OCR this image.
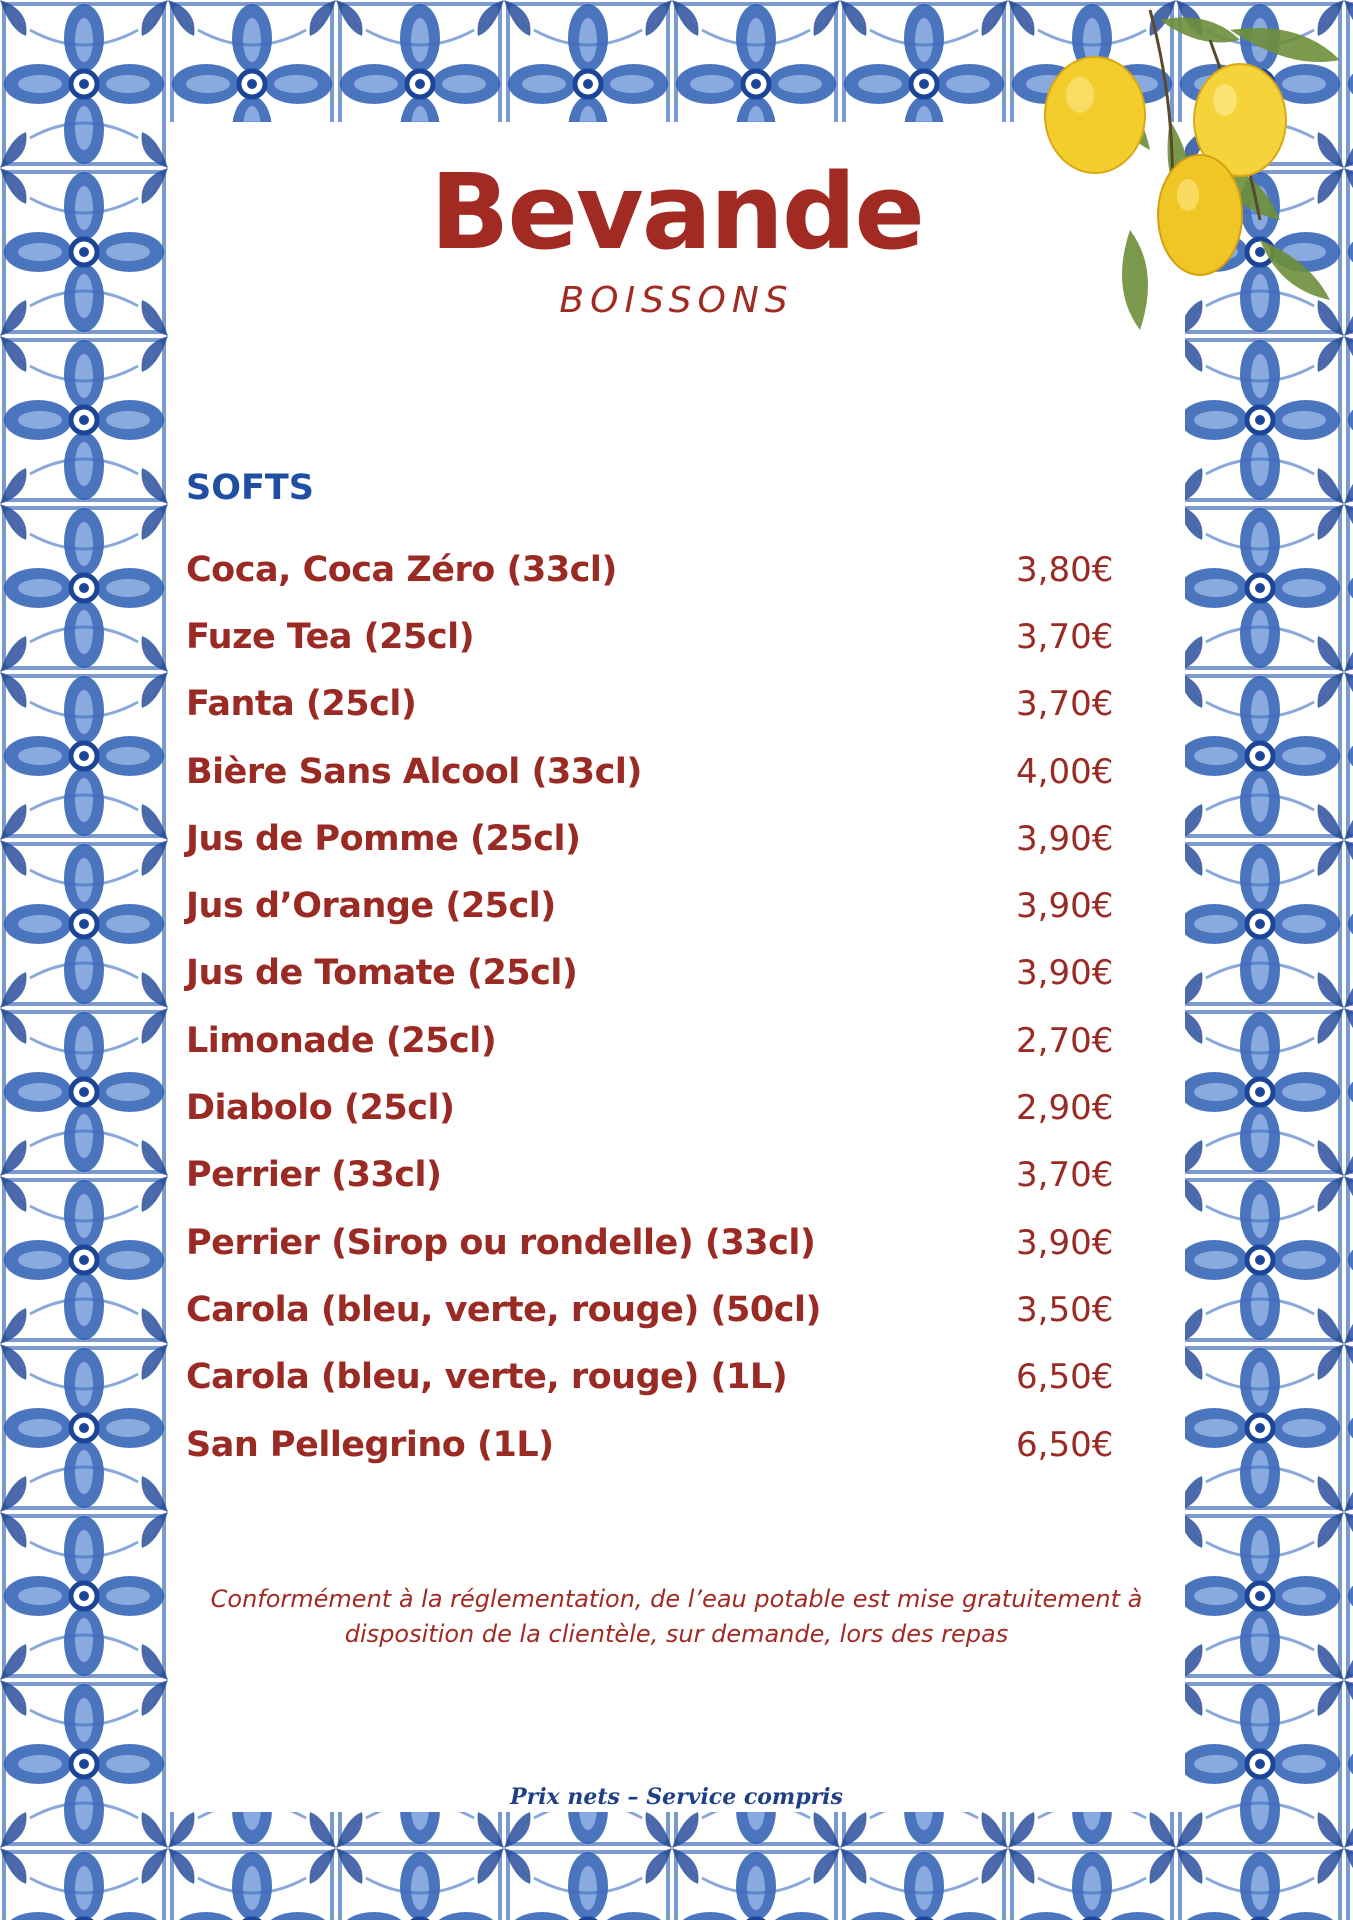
Bevande
BOISSONS
SOFTS
Coca, Coca Zéro (33cl)	3,80€
Fuze Tea (25cl)	3,70€
Fanta (25cl)	3,70€
Bière Sans Alcool (33cl)	4,00€
Jus de Pomme (25cl)	3,90€
Jus d’Orange (25cl)	3,90€
Jus de Tomate (25cl)	3,90€
Limonade (25cl)	2,70€
Diabolo (25cl)	2,90€
Perrier (33cl)	3,70€
Perrier (Sirop ou rondelle) (33cl)	3,90€
Carola (bleu, verte, rouge) (50cl)	3,50€
Carola (bleu, verte, rouge) (1L)	6,50€
San Pellegrino (1L)	6,50€

Conformément à la réglementation, de l’eau potable est mise gratuitement à disposition de la clientèle, sur demande, lors des repas

Prix nets – Service compris
